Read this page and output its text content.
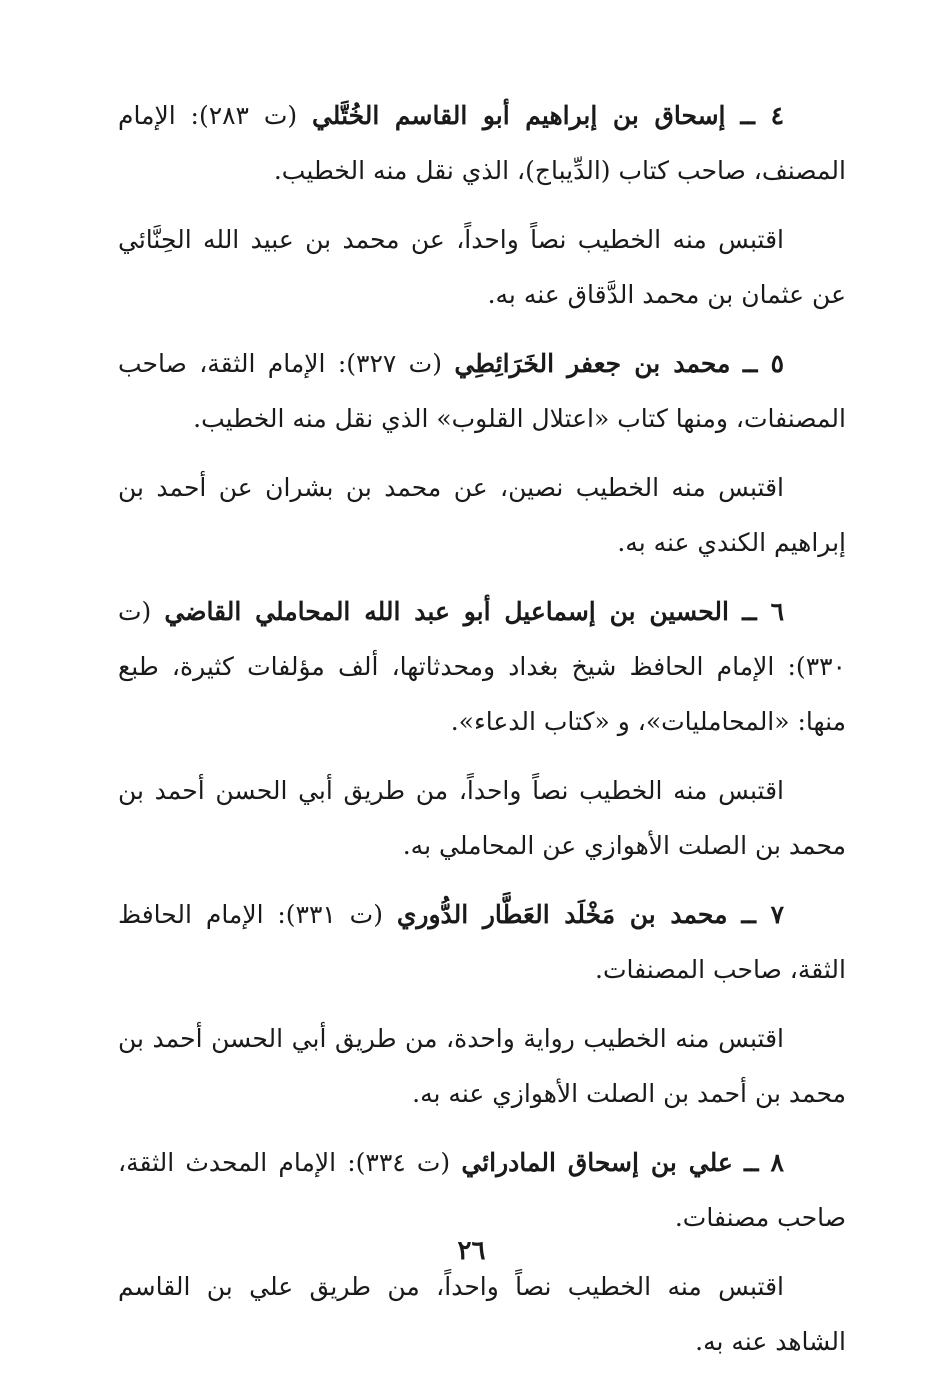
٤ ــ إسحاق بن إبراهيم أبو القاسم الخُتَّلي (ت ٢٨٣): الإمام المصنف، صاحب كتاب (الدِّيباج)، الذي نقل منه الخطيب.

اقتبس منه الخطيب نصاً واحداً، عن محمد بن عبيد الله الحِنَّائي عن عثمان بن محمد الدَّقاق عنه به.

٥ ــ محمد بن جعفر الخَرَائِطِي (ت ٣٢٧): الإمام الثقة، صاحب المصنفات، ومنها كتاب «اعتلال القلوب» الذي نقل منه الخطيب.

اقتبس منه الخطيب نصين، عن محمد بن بشران عن أحمد بن إبراهيم الكندي عنه به.

٦ ــ الحسين بن إسماعيل أبو عبد الله المحاملي القاضي (ت ٣٣٠): الإمام الحافظ شيخ بغداد ومحدثاتها، ألف مؤلفات كثيرة، طبع منها: «المحامليات»، و «كتاب الدعاء».

اقتبس منه الخطيب نصاً واحداً، من طريق أبي الحسن أحمد بن محمد بن الصلت الأهوازي عن المحاملي به.

٧ ــ محمد بن مَخْلَد العَطَّار الدُّوري (ت ٣٣١): الإمام الحافظ الثقة، صاحب المصنفات.

اقتبس منه الخطيب رواية واحدة، من طريق أبي الحسن أحمد بن محمد بن أحمد بن الصلت الأهوازي عنه به.

٨ ــ علي بن إسحاق المادرائي (ت ٣٣٤): الإمام المحدث الثقة، صاحب مصنفات.

اقتبس منه الخطيب نصاً واحداً، من طريق علي بن القاسم الشاهد عنه به.

٢٦
